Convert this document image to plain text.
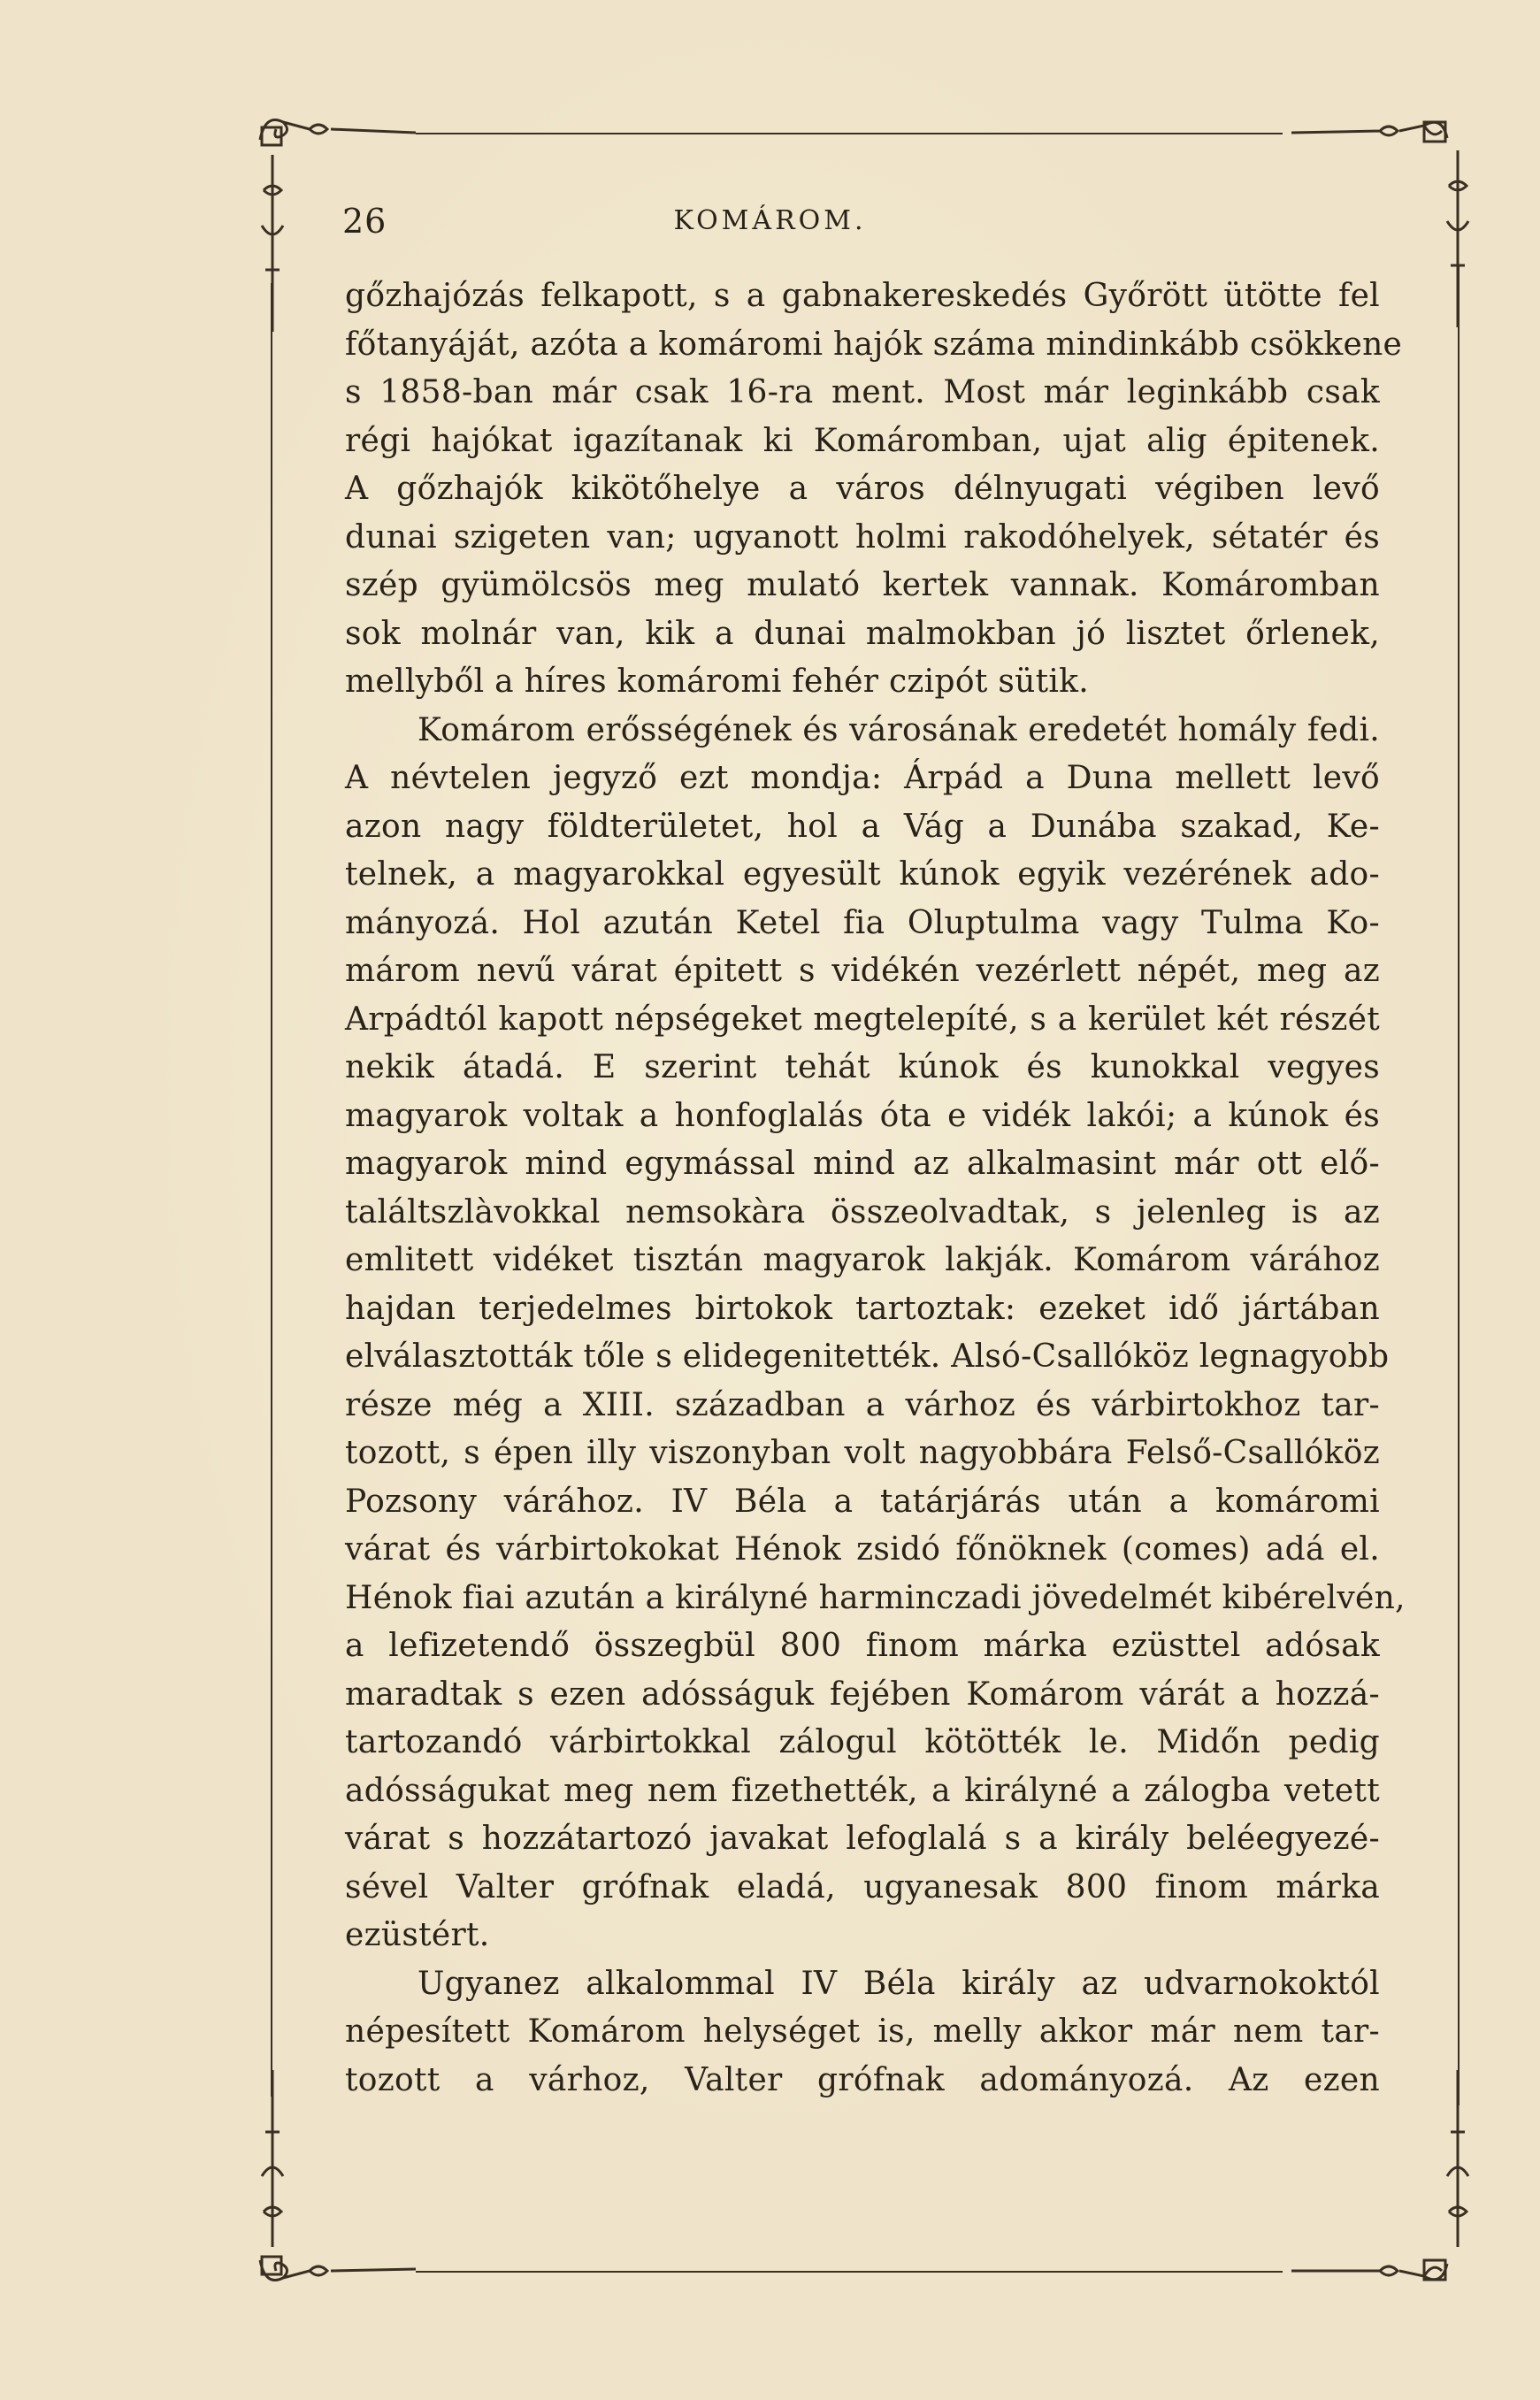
26	KOMÁROM.
gőzhajózás felkapott, s a gabnakereskedés Győrött ütötte fel
főtanyáját, azóta a komáromi hajók száma mindinkább csökkene
s 1858-ban már csak 16-ra ment. Most már leginkább csak
régi hajókat igazítanak ki Komáromban, ujat alig épitenek.
A gőzhajók kikötőhelye a város délnyugati végiben levő
dunai szigeten van; ugyanott holmi rakodóhelyek, sétatér és
szép gyümölcsös meg mulató kertek vannak. Komáromban
sok molnár van, kik a dunai malmokban jó lisztet őrlenek,
mellyből a híres komáromi fehér czipót sütik.
Komárom erősségének és városának eredetét homály fedi.
A névtelen jegyző ezt mondja: Árpád a Duna mellett levő
azon nagy földterületet, hol a Vág a Dunába szakad, Ke-
telnek, a magyarokkal egyesült kúnok egyik vezérének ado-
mányozá. Hol azután Ketel fia Oluptulma vagy Tulma Ko-
márom nevű várat épitett s vidékén vezérlett népét, meg az
Arpádtól kapott népségeket megtelepíté, s a kerület két részét
nekik átadá. E szerint tehát kúnok és kunokkal vegyes
magyarok voltak a honfoglalás óta e vidék lakói; a kúnok és
magyarok mind egymással mind az alkalmasint már ott elő-
találtszlàvokkal nemsokàra összeolvadtak, s jelenleg is az
emlitett vidéket tisztán magyarok lakják. Komárom várához
hajdan terjedelmes birtokok tartoztak: ezeket idő jártában
elválasztották tőle s elidegenitették. Alsó-Csallóköz legnagyobb
része még a XIII. században a várhoz és várbirtokhoz tar-
tozott, s épen illy viszonyban volt nagyobbára Felső-Csallóköz
Pozsony várához. IV Béla a tatárjárás után a komáromi
várat és várbirtokokat Hénok zsidó főnöknek (comes) adá el.
Hénok fiai azután a királyné harminczadi jövedelmét kibérelvén,
a lefizetendő összegbül 800 finom márka ezüsttel adósak
maradtak s ezen adósságuk fejében Komárom várát a hozzá-
tartozandó várbirtokkal zálogul kötötték le. Midőn pedig
adósságukat meg nem fizethették, a királyné a zálogba vetett
várat s hozzátartozó javakat lefoglalá s a király beléegyezé-
sével Valter grófnak eladá, ugyanesak 800 finom márka
ezüstért.
Ugyanez alkalommal IV Béla király az udvarnokoktól
népesített Komárom helységet is, melly akkor már nem tar-
tozott a várhoz, Valter grófnak adományozá. Az ezen
